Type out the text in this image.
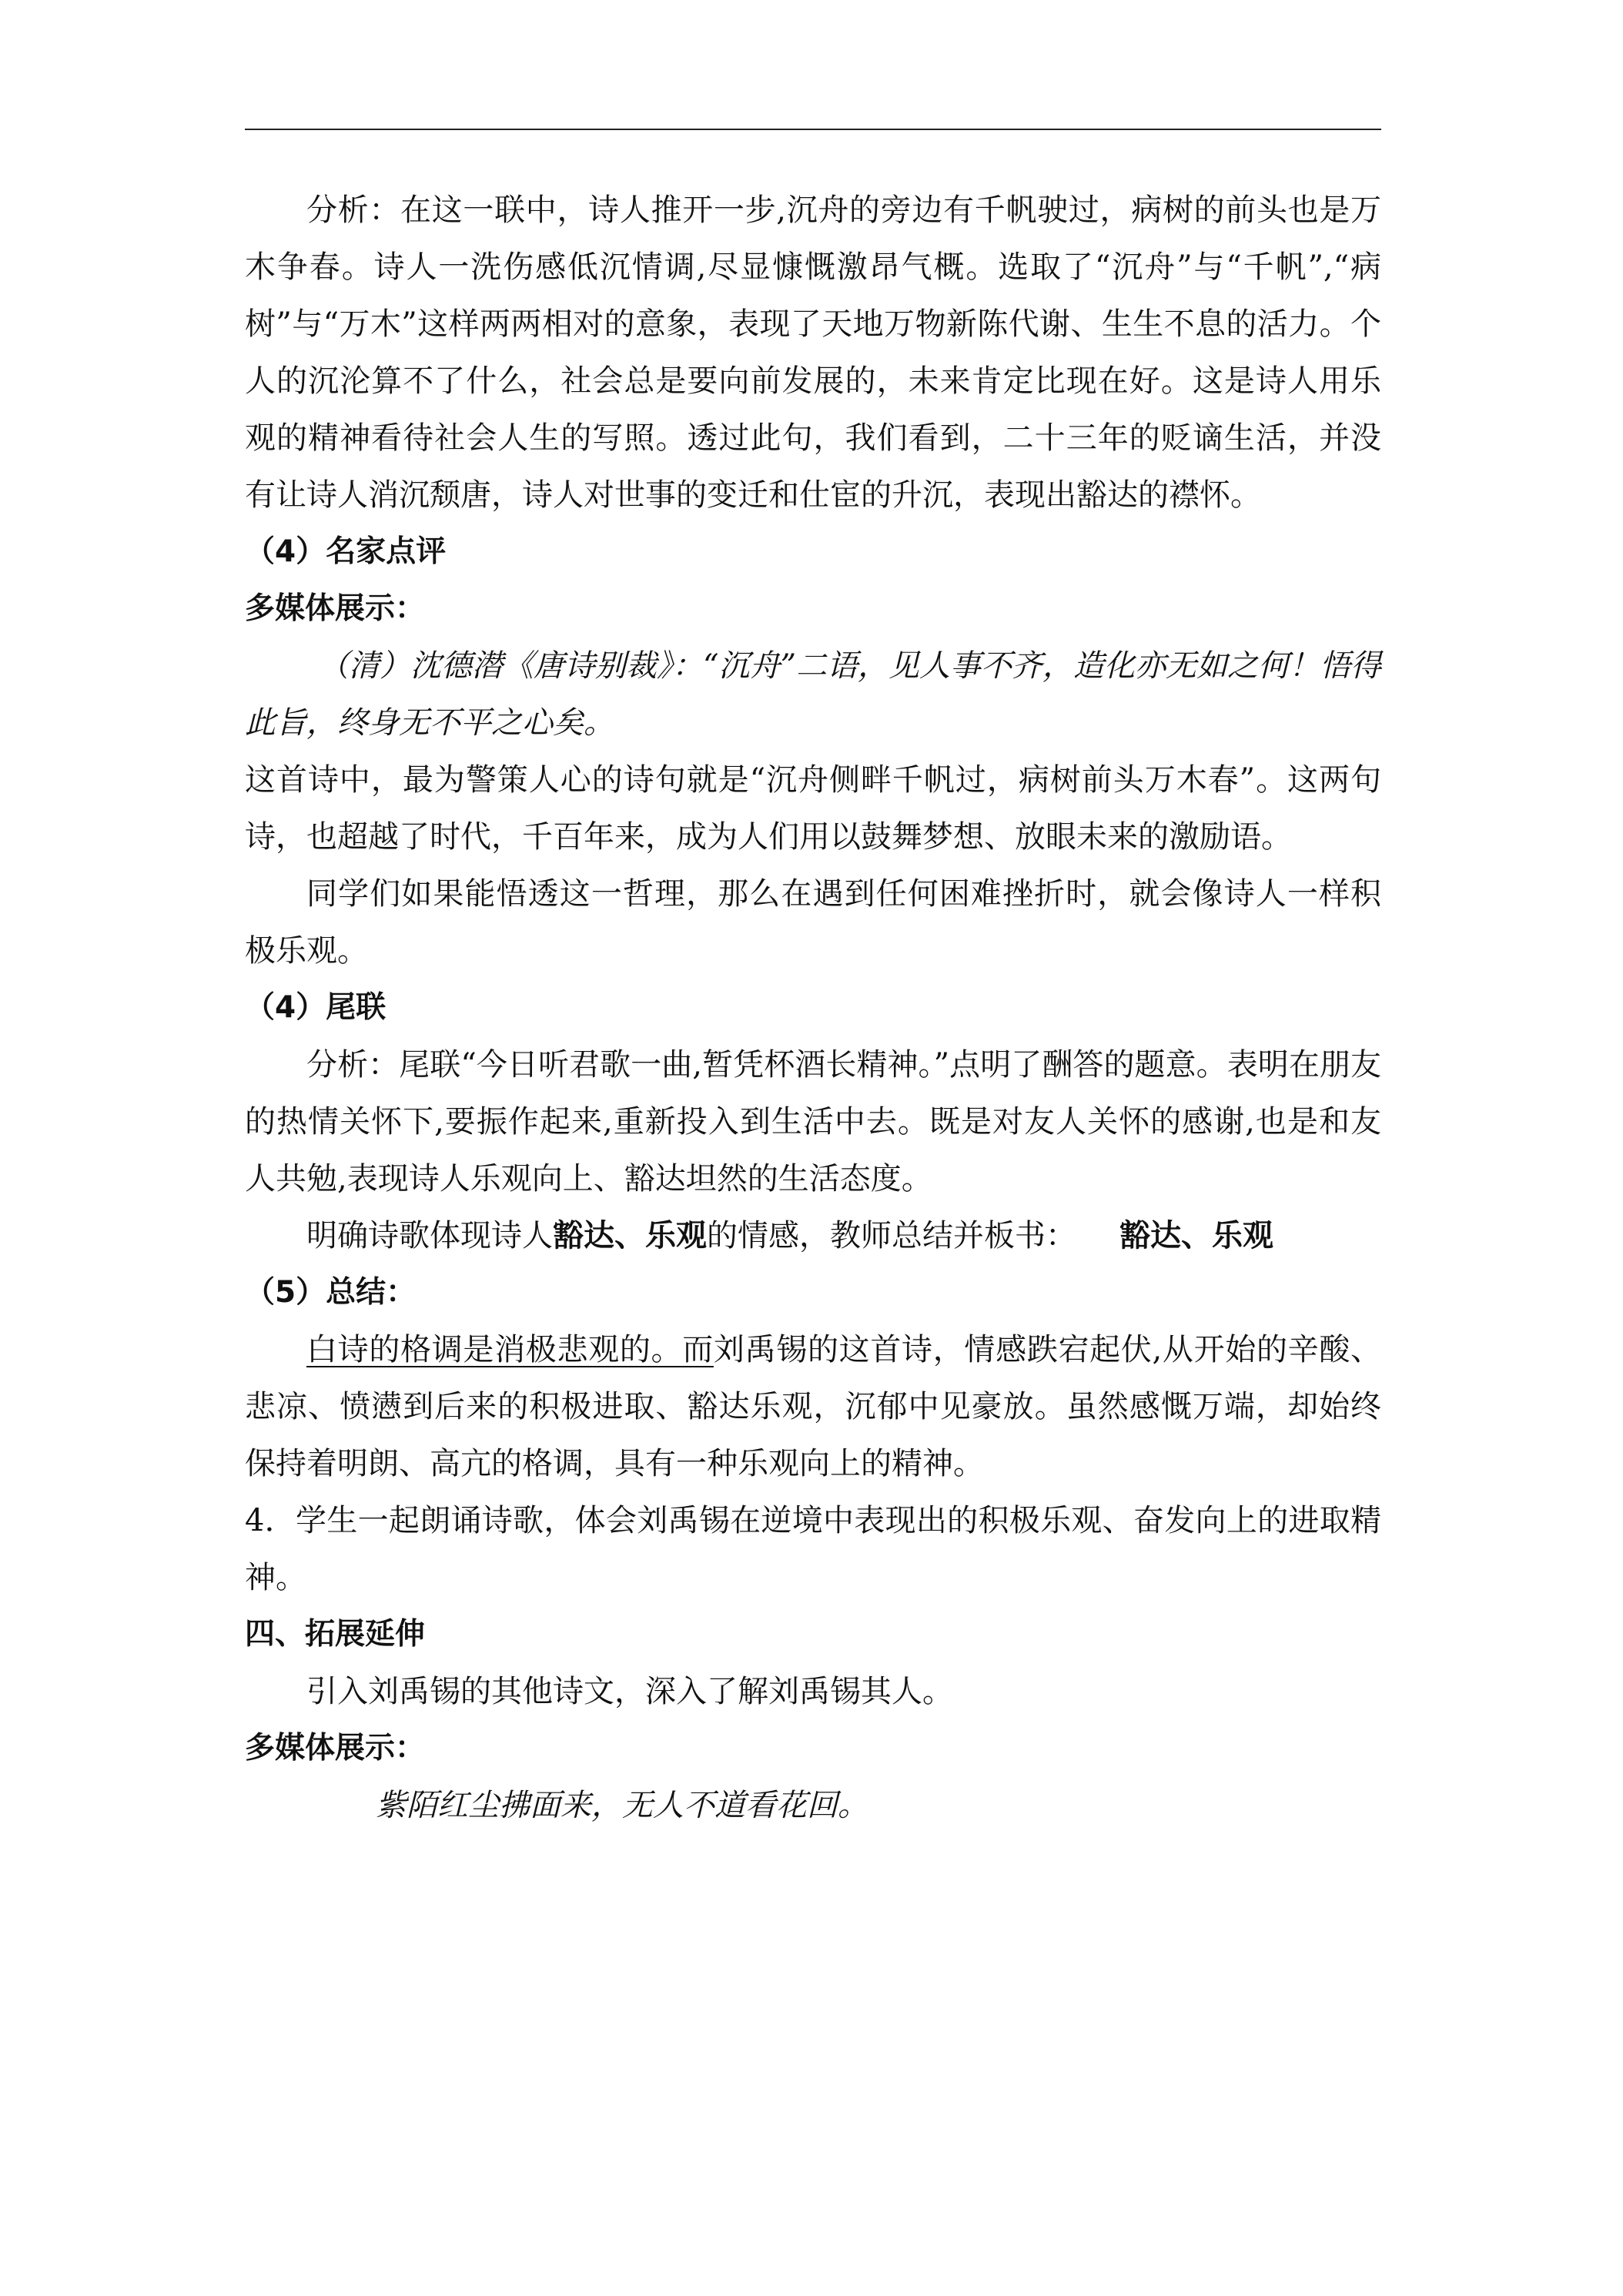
分析：在这一联中，诗人推开一步,沉舟的旁边有千帆驶过，病树的前头也是万木争春。诗人一洗伤感低沉情调,尽显慷慨激昂气概。选取了“沉舟”与“千帆”,“病树”与“万木”这样两两相对的意象，表现了天地万物新陈代谢、生生不息的活力。个人的沉沦算不了什么，社会总是要向前发展的，未来肯定比现在好。这是诗人用乐观的精神看待社会人生的写照。透过此句，我们看到，二十三年的贬谪生活，并没有让诗人消沉颓唐，诗人对世事的变迁和仕宦的升沉，表现出豁达的襟怀。

（4）名家点评

多媒体展示：

（清）沈德潜《唐诗别裁》：“沉舟”二语，见人事不齐，造化亦无如之何！悟得此旨，终身无不平之心矣。

这首诗中，最为警策人心的诗句就是“沉舟侧畔千帆过，病树前头万木春”。这两句诗，也超越了时代，千百年来，成为人们用以鼓舞梦想、放眼未来的激励语。

同学们如果能悟透这一哲理，那么在遇到任何困难挫折时，就会像诗人一样积极乐观。

（4）尾联

分析：尾联“今日听君歌一曲,暂凭杯酒长精神。”点明了酬答的题意。表明在朋友的热情关怀下,要振作起来,重新投入到生活中去。既是对友人关怀的感谢,也是和友人共勉,表现诗人乐观向上、豁达坦然的生活态度。

明确诗歌体现诗人豁达、乐观的情感，教师总结并板书： 豁达、乐观

（5）总结：

白诗的格调是消极悲观的。而刘禹锡的这首诗，情感跌宕起伏,从开始的辛酸、悲凉、愤懑到后来的积极进取、豁达乐观，沉郁中见豪放。虽然感慨万端，却始终保持着明朗、高亢的格调，具有一种乐观向上的精神。

4．学生一起朗诵诗歌，体会刘禹锡在逆境中表现出的积极乐观、奋发向上的进取精神。

四、拓展延伸

引入刘禹锡的其他诗文，深入了解刘禹锡其人。

多媒体展示：

紫陌红尘拂面来，无人不道看花回。
